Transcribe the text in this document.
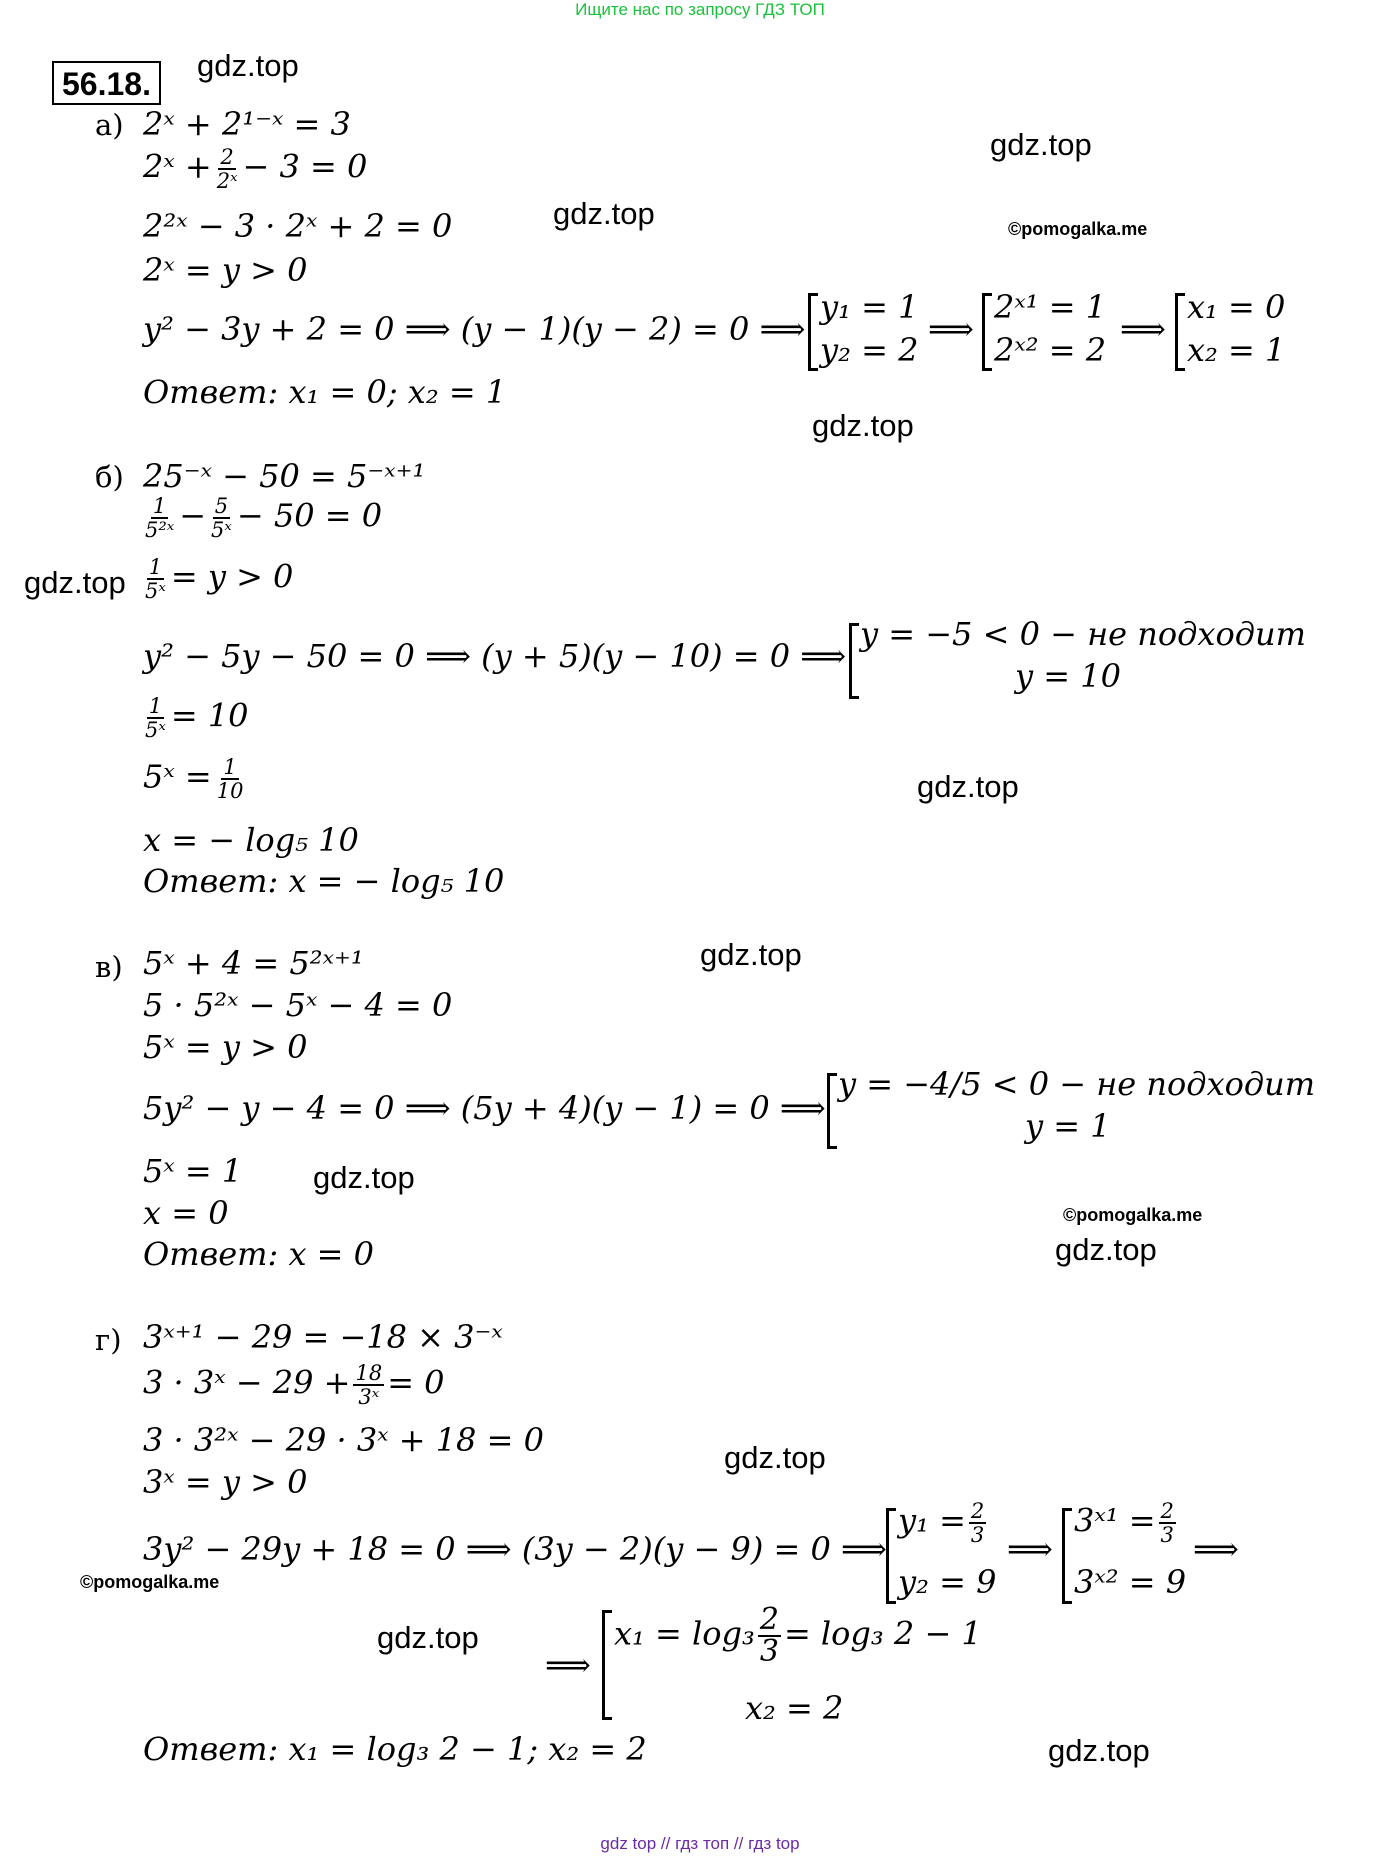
Ищите нас по запросу ГДЗ ТОП
gdz top // гдз топ // гдз top
56.18.
gdz.top
gdz.top
gdz.top
gdz.top
gdz.top
gdz.top
gdz.top
gdz.top
gdz.top
gdz.top
gdz.top
gdz.top
©pomogalka.me
©pomogalka.me
©pomogalka.me
а) 2ˣ + 2¹⁻ˣ = 3
2ˣ + $\frac{2}{\text{2ˣ}} - 3 = 0$
2²ˣ − 3 · 2ˣ + 2 = 0
2ˣ = y > 0
y² − 3y + 2 = 0 ⟹ (y − 1)(y − 2) = 0 ⟹
y₁ = 1
y₂ = 2
⟹
2ˣ¹ = 1
2ˣ² = 2
⟹
x₁ = 0
x₂ = 1
Ответ: x₁ = 0; x₂ = 1
б) 25⁻ˣ − 50 = 5⁻ˣ⁺¹
$\frac{1}{\text{5²ˣ}} - \frac{5}{\text{5ˣ}} - 50 = 0$
$\frac{1}{\text{5ˣ}} = y > 0$
y² − 5y − 50 = 0 ⟹ (y + 5)(y − 10) = 0 ⟹
y = −5 < 0 − не подходит
y = 10
$\frac{1}{\text{5ˣ}} = 10$
5ˣ = $\frac{1}{10}$
x = − log₅ 10
Ответ: x = − log₅ 10
в) 5ˣ + 4 = 5²ˣ⁺¹
5 · 5²ˣ − 5ˣ − 4 = 0
5ˣ = y > 0
5y² − y − 4 = 0 ⟹ (5y + 4)(y − 1) = 0 ⟹
y = −4/5 < 0 − не подходит
y = 1
5ˣ = 1
x = 0
Ответ: x = 0
г) 3ˣ⁺¹ − 29 = −18 × 3⁻ˣ
3 · 3ˣ − $29 + \frac{18}{\text{3ˣ}} = 0$
3 · 3²ˣ − 29 · 3ˣ + 18 = 0
3ˣ = y > 0
3y² − 29y + 18 = 0 ⟹ (3y − 2)(y − 9) = 0 ⟹
$y_1 = \frac{2}{3}$
y₂ = 9
⟹
3ˣ¹ = $\frac{2}{3}$
3ˣ² = 9
⟹
⟹
$x_1 = \log_3 \frac{2}{3} = \log_3$ 2 − 1
x₂ = 2
Ответ: x₁ = log₃ 2 − 1; x₂ = 2
